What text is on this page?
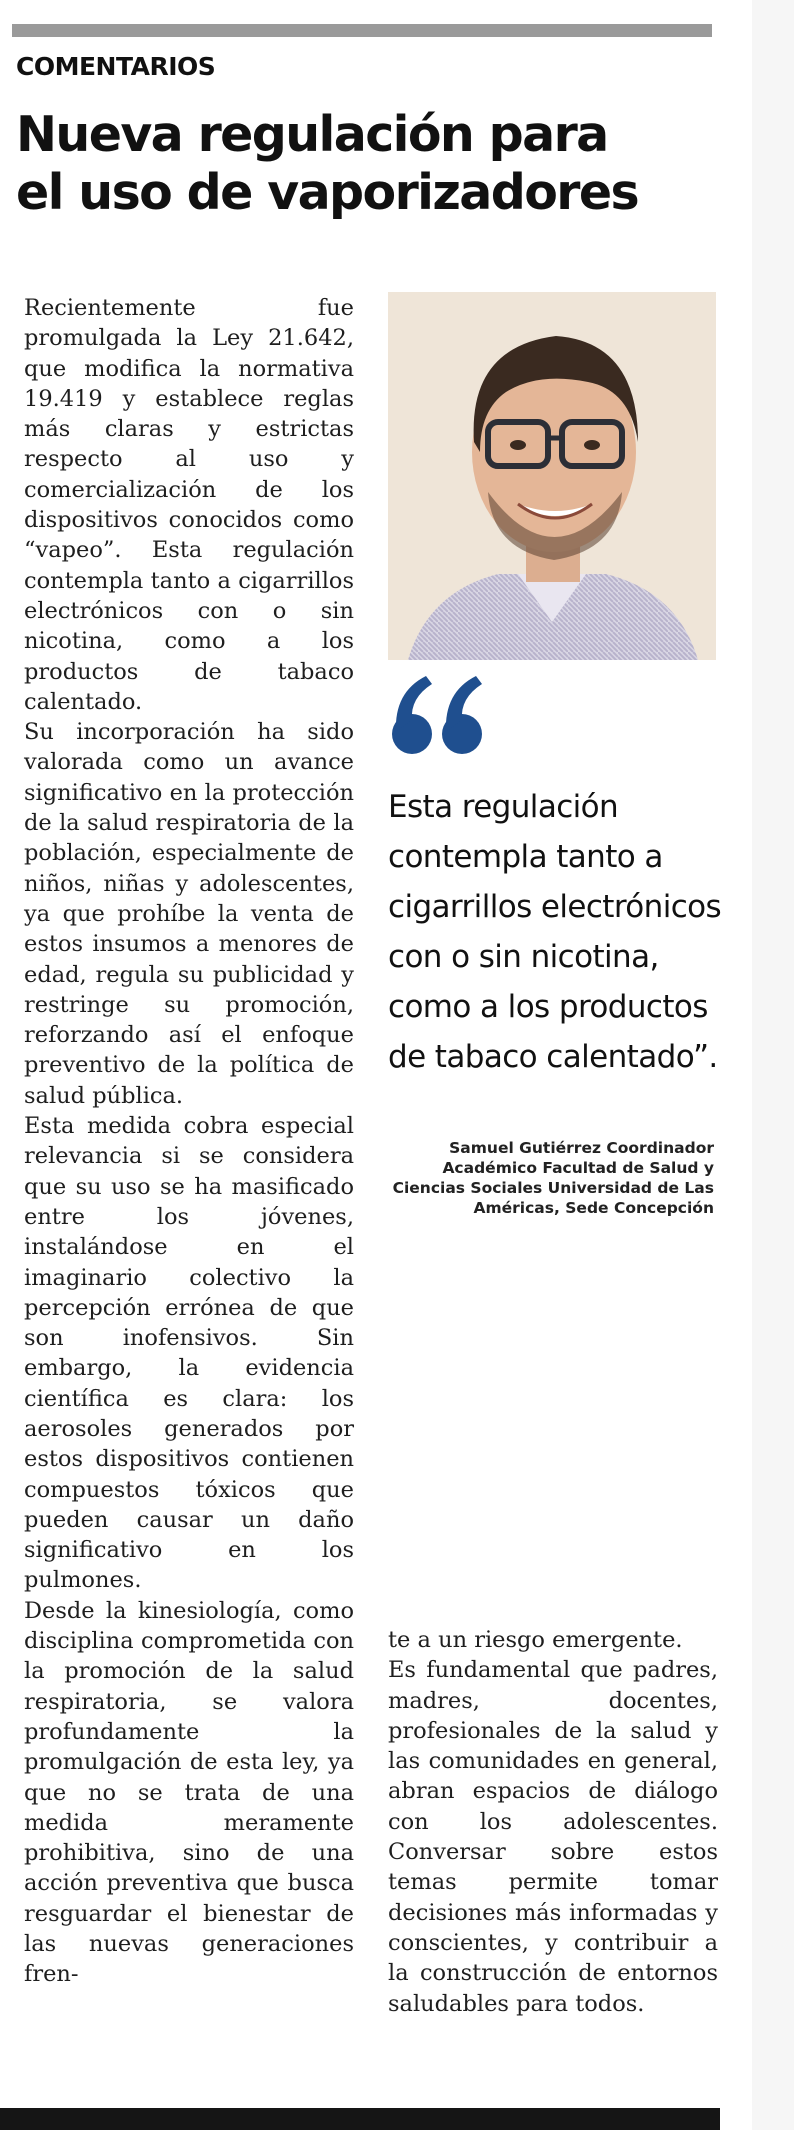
COMENTARIOS
Nueva regulación para
el uso de vaporizadores

Recientemente fue promulgada la Ley 21.642, que modifica la normativa 19.419 y establece reglas más claras y estrictas respecto al uso y comercialización de los dispositivos conocidos como “vapeo”. Esta regulación contempla tanto a cigarrillos electrónicos con o sin nicotina, como a los productos de tabaco calentado.

Su incorporación ha sido valorada como un avance significativo en la protección de la salud respiratoria de la población, especialmente de niños, niñas y adolescentes, ya que prohíbe la venta de estos insumos a menores de edad, regula su publicidad y restringe su promoción, reforzando así el enfoque preventivo de la política de salud pública.

Esta medida cobra especial relevancia si se considera que su uso se ha masificado entre los jóvenes, instalándose en el imaginario colectivo la percepción errónea de que son inofensivos. Sin embargo, la evidencia científica es clara: los aerosoles generados por estos dispositivos contienen compuestos tóxicos que pueden causar un daño significativo en los pulmones.

Desde la kinesiología, como disciplina comprometida con la promoción de la salud respiratoria, se valora profundamente la promulgación de esta ley, ya que no se trata de una medida meramente prohibitiva, sino de una acción preventiva que busca resguardar el bienestar de las nuevas generaciones fren-

Esta regulación contempla tanto a cigarrillos electrónicos con o sin nicotina, como a los productos de tabaco calentado”.
Samuel Gutiérrez Coordinador Académico Facultad de Salud y Ciencias Sociales Universidad de Las Américas, Sede Concepción

te a un riesgo emergente.

Es fundamental que padres, madres, docentes, profesionales de la salud y las comunidades en general, abran espacios de diálogo con los adolescentes. Conversar sobre estos temas permite tomar decisiones más informadas y conscientes, y contribuir a la construcción de entornos saludables para todos.
